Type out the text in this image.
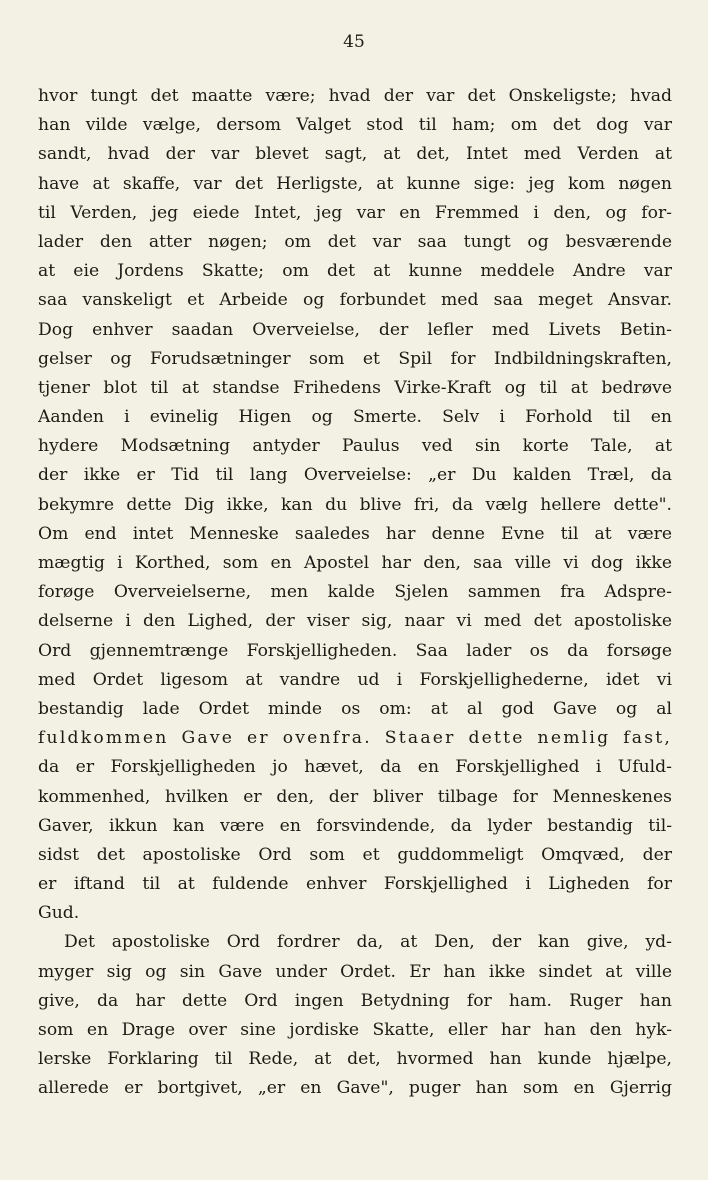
45
hvor tungt det maatte være; hvad der var det Onskeligste; hvad
han vilde vælge, dersom Valget stod til ham; om det dog var
sandt, hvad der var blevet sagt, at det, Intet med Verden at
have at skaffe, var det Herligste, at kunne sige: jeg kom nøgen
til Verden, jeg eiede Intet, jeg var en Fremmed i den, og for-
lader den atter nøgen; om det var saa tungt og besværende
at eie Jordens Skatte; om det at kunne meddele Andre var
saa vanskeligt et Arbeide og forbundet med saa meget Ansvar.
Dog enhver saadan Overveielse, der lefler med Livets Betin-
gelser og Forudsætninger som et Spil for Indbildningskraften,
tjener blot til at standse Frihedens Virke-Kraft og til at bedrøve
Aanden i evinelig Higen og Smerte. Selv i Forhold til en
hydere Modsætning antyder Paulus ved sin korte Tale, at
der ikke er Tid til lang Overveielse: „er Du kalden Træl, da
bekymre dette Dig ikke, kan du blive fri, da vælg hellere dette".
Om end intet Menneske saaledes har denne Evne til at være
mægtig i Korthed, som en Apostel har den, saa ville vi dog ikke
forøge Overveielserne, men kalde Sjelen sammen fra Adspre-
delserne i den Lighed, der viser sig, naar vi med det apostoliske
Ord gjennemtrænge Forskjelligheden. Saa lader os da forsøge
med Ordet ligesom at vandre ud i Forskjellighederne, idet vi
bestandig lade Ordet minde os om: at al god Gave og al
fuldkommen Gave er ovenfra. Staaer dette nemlig fast,
da er Forskjelligheden jo hævet, da en Forskjellighed i Ufuld-
kommenhed, hvilken er den, der bliver tilbage for Menneskenes
Gaver, ikkun kan være en forsvindende, da lyder bestandig til-
sidst det apostoliske Ord som et guddommeligt Omqvæd, der
er iftand til at fuldende enhver Forskjellighed i Ligheden for
Gud.
Det apostoliske Ord fordrer da, at Den, der kan give, yd-
myger sig og sin Gave under Ordet. Er han ikke sindet at ville
give, da har dette Ord ingen Betydning for ham. Ruger han
som en Drage over sine jordiske Skatte, eller har han den hyk-
lerske Forklaring til Rede, at det, hvormed han kunde hjælpe,
allerede er bortgivet, „er en Gave", puger han som en Gjerrig
